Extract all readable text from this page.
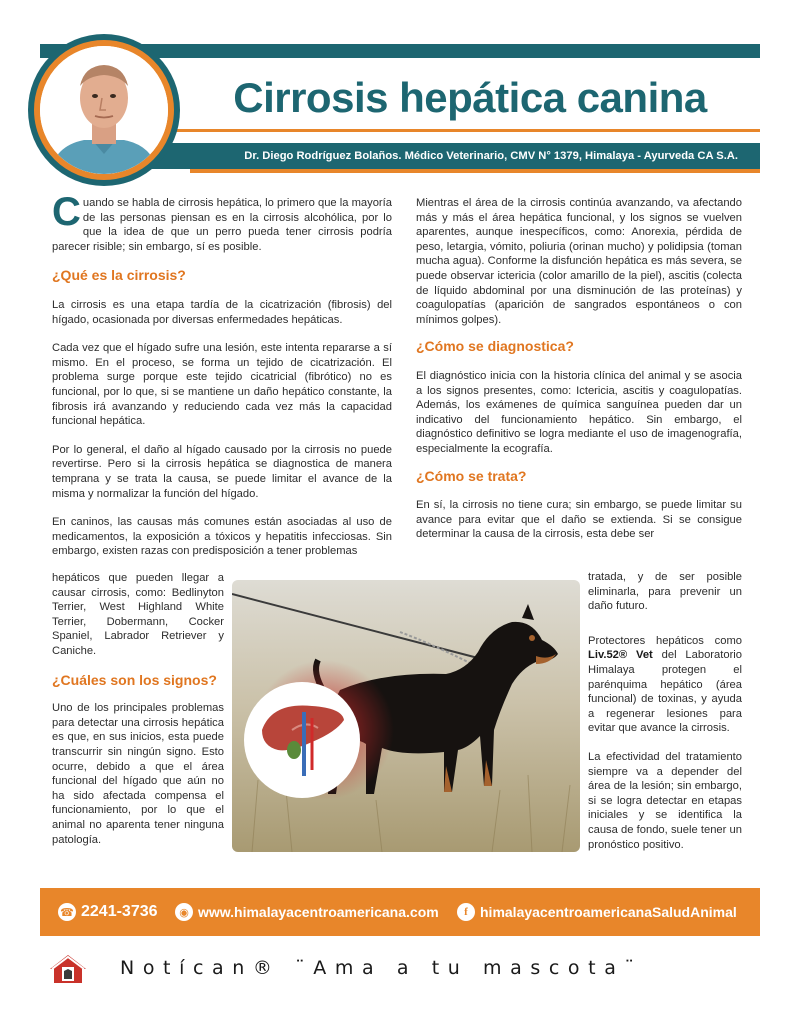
Cirrosis hepática canina
Dr. Diego Rodríguez Bolaños. Médico Veterinario, CMV N° 1379, Himalaya - Ayurveda CA S.A.

Cuando se habla de cirrosis hepática, lo primero que la mayoría de las personas piensan es en la cirrosis alcohólica, por lo que la idea de que un perro pueda tener cirrosis podría parecer risible; sin embargo, sí es posible.

¿Qué es la cirrosis?

La cirrosis es una etapa tardía de la cicatrización (fibrosis) del hígado, ocasionada por diversas enfermedades hepáticas.

Cada vez que el hígado sufre una lesión, este intenta repararse a sí mismo. En el proceso, se forma un tejido de cicatrización. El problema surge porque este tejido cicatricial (fibrótico) no es funcional, por lo que, si se mantiene un daño hepático constante, la fibrosis irá avanzando y reduciendo cada vez más la capacidad funcional hepática.

Por lo general, el daño al hígado causado por la cirrosis no puede revertirse. Pero si la cirrosis hepática se diagnostica de manera temprana y se trata la causa, se puede limitar el avance de la misma y normalizar la función del hígado.

En caninos, las causas más comunes están asociadas al uso de medicamentos, la exposición a tóxicos y hepatitis infecciosas. Sin embargo, existen razas con predisposición a tener problemas

hepáticos que pueden llegar a causar cirrosis, como: Bedlinyton Terrier, West Highland White Terrier, Dobermann, Cocker Spaniel, Labrador Retriever y Caniche.

¿Cuáles son los signos?

Uno de los principales problemas para detectar una cirrosis hepática es que, en sus inicios, esta puede transcurrir sin ningún signo. Esto ocurre, debido a que el área funcional del hígado que aún no ha sido afectada compensa el funcionamiento, por lo que el animal no aparenta tener ninguna patología.

Mientras el área de la cirrosis continúa avanzando, va afectando más y más el área hepática funcional, y los signos se vuelven aparentes, aunque inespecíficos, como: Anorexia, pérdida de peso, letargia, vómito, poliuria (orinan mucho) y polidipsia (toman mucha agua). Conforme la disfunción hepática es más severa, se puede observar ictericia (color amarillo de la piel), ascitis (colecta de líquido abdominal por una disminución de las proteínas) y coagulopatías (aparición de sangrados espontáneos o con mínimos golpes).

¿Cómo se diagnostica?

El diagnóstico inicia con la historia clínica del animal y se asocia a los signos presentes, como: Ictericia, ascitis y coagulopatías. Además, los exámenes de química sanguínea pueden dar un indicativo del funcionamiento hepático. Sin embargo, el diagnóstico definitivo se logra mediante el uso de imagenografía, especialmente la ecografía.

¿Cómo se trata?

En sí, la cirrosis no tiene cura; sin embargo, se puede limitar su avance para evitar que el daño se extienda. Si se consigue determinar la causa de la cirrosis, esta debe ser

tratada, y de ser posible eliminarla, para prevenir un daño futuro.

Protectores hepáticos como Liv.52® Vet del Laboratorio Himalaya protegen el parénquima hepático (área funcional) de toxinas, y ayuda a regenerar lesiones para evitar que avance la cirrosis.

La efectividad del tratamiento siempre va a depender del área de la lesión; sin embargo, si se logra detectar en etapas iniciales y se identifica la causa de fondo, suele tener un pronóstico positivo.

☎ 2241-3736	◉ www.himalayacentroamericana.com	f himalayacentroamericanaSaludAnimal
Notícan® ¨Ama a tu mascota¨
